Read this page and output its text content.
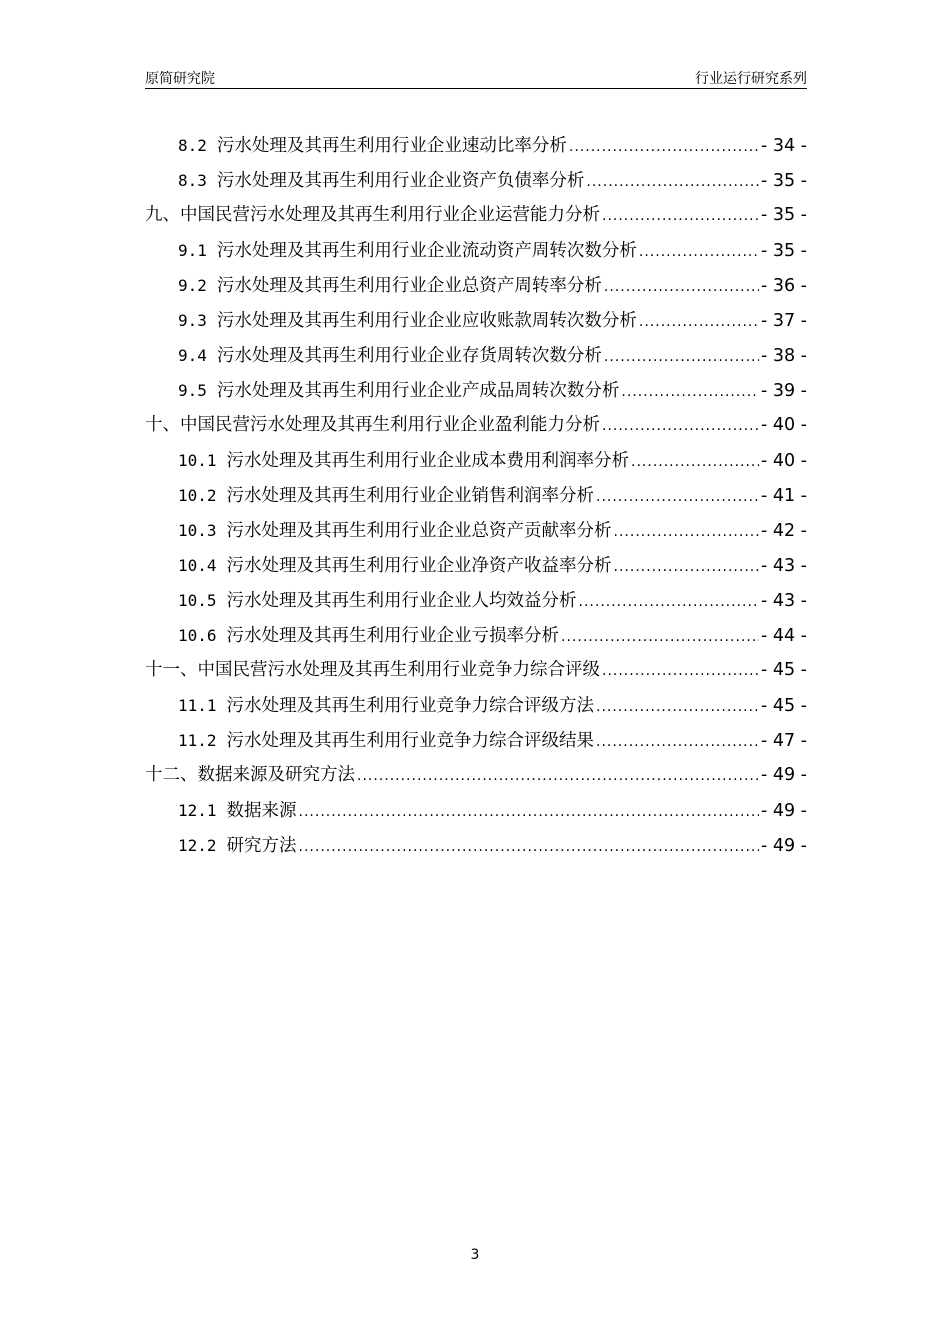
原简研究院	行业运行研究系列
8.2 污水处理及其再生利用行业企业速动比率分析 .....	- 34 -
8.3 污水处理及其再生利用行业企业资产负债率分析 .....	- 35 -
九、中国民营污水处理及其再生利用行业企业运营能力分析 .....	- 35 -
9.1 污水处理及其再生利用行业企业流动资产周转次数分析 .....	- 35 -
9.2 污水处理及其再生利用行业企业总资产周转率分析 .....	- 36 -
9.3 污水处理及其再生利用行业企业应收账款周转次数分析 .....	- 37 -
9.4 污水处理及其再生利用行业企业存货周转次数分析 .....	- 38 -
9.5 污水处理及其再生利用行业企业产成品周转次数分析 .....	- 39 -
十、中国民营污水处理及其再生利用行业企业盈利能力分析 .....	- 40 -
10.1 污水处理及其再生利用行业企业成本费用利润率分析 .....	- 40 -
10.2 污水处理及其再生利用行业企业销售利润率分析 .....	- 41 -
10.3 污水处理及其再生利用行业企业总资产贡献率分析 .....	- 42 -
10.4 污水处理及其再生利用行业企业净资产收益率分析 .....	- 43 -
10.5 污水处理及其再生利用行业企业人均效益分析 .....	- 43 -
10.6 污水处理及其再生利用行业企业亏损率分析 .....	- 44 -
十一、中国民营污水处理及其再生利用行业竞争力综合评级 .....	- 45 -
11.1 污水处理及其再生利用行业竞争力综合评级方法 .....	- 45 -
11.2 污水处理及其再生利用行业竞争力综合评级结果 .....	- 47 -
十二、数据来源及研究方法 .....	- 49 -
12.1 数据来源 .....	- 49 -
12.2 研究方法 .....	- 49 -
3
